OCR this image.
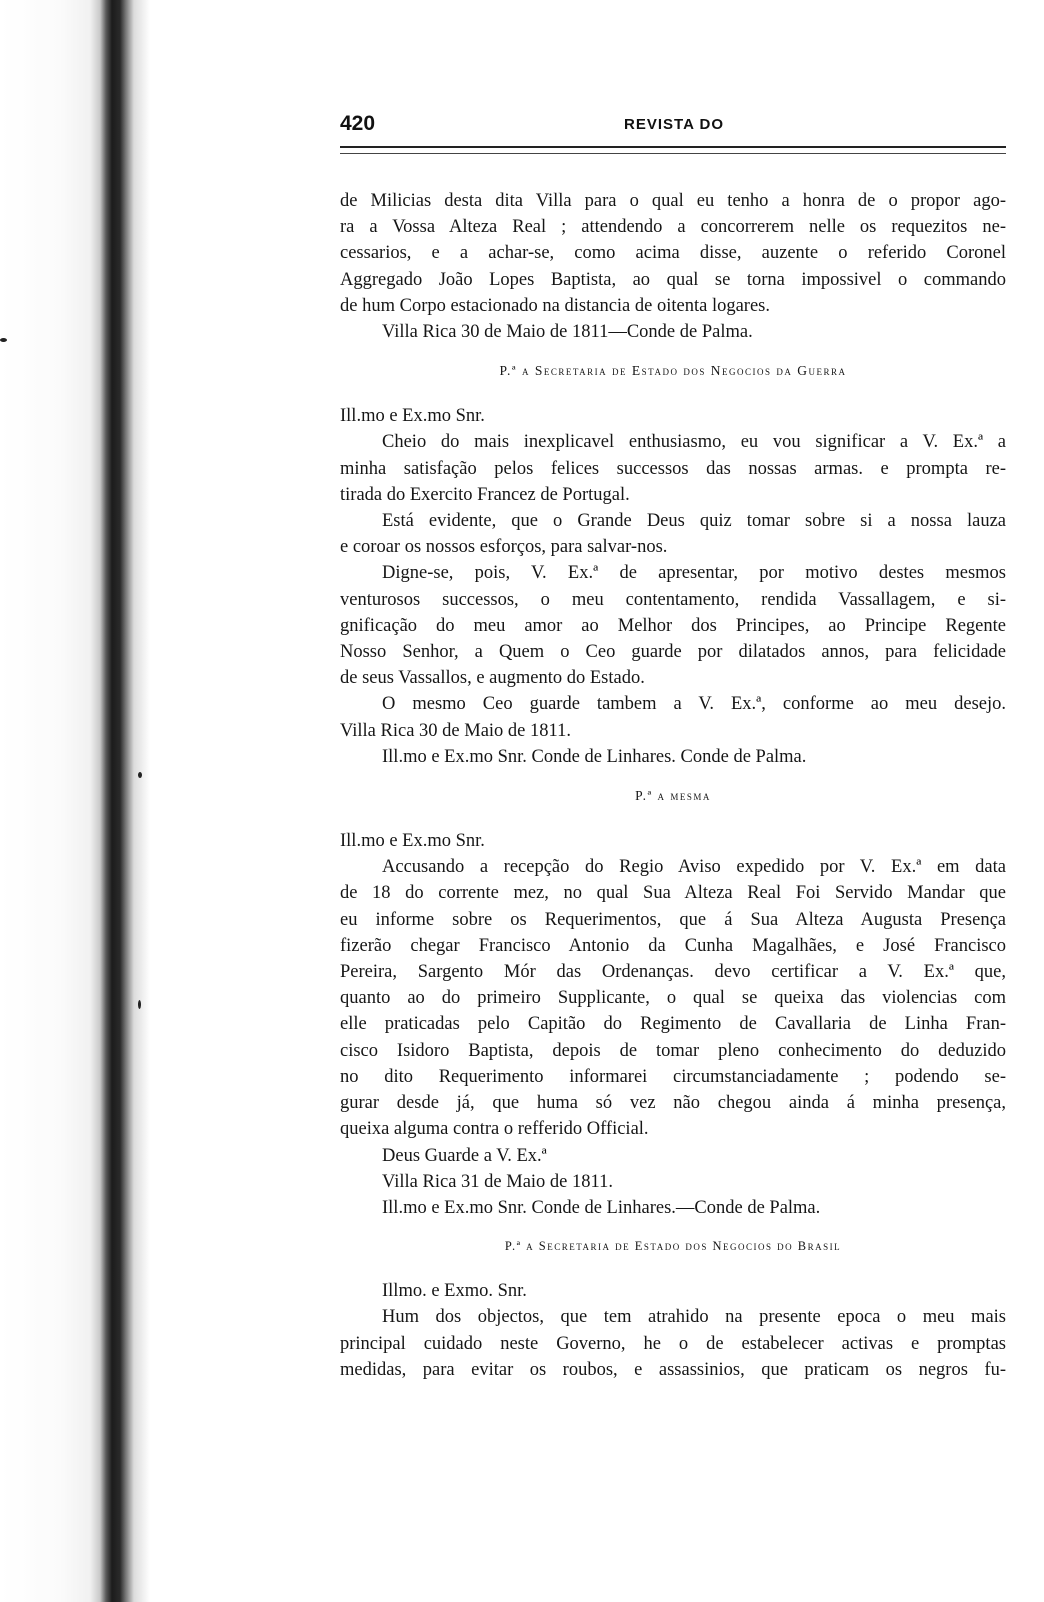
420	REVISTA DO

de Milicias desta dita Villa para o qual eu tenho a honra de o propor ago-

ra a Vossa Alteza Real ; attendendo a concorrerem nelle os requezitos ne-

cessarios, e a achar-se, como acima disse, auzente o referido Coronel

Aggregado João Lopes Baptista, ao qual se torna impossivel o commando

de hum Corpo estacionado na distancia de oitenta logares.

Villa Rica 30 de Maio de 1811—Conde de Palma.

P.ª a Secretaria de Estado dos Negocios da Guerra

Ill.mo e Ex.mo Snr.

Cheio do mais inexplicavel enthusiasmo, eu vou significar a V. Ex.ª a

minha satisfação pelos felices successos das nossas armas. e prompta re-

tirada do Exercito Francez de Portugal.

Está evidente, que o Grande Deus quiz tomar sobre si a nossa lauza

e coroar os nossos esforços, para salvar-nos.

Digne-se, pois, V. Ex.ª de apresentar, por motivo destes mesmos

venturosos successos, o meu contentamento, rendida Vassallagem, e si-

gnificação do meu amor ao Melhor dos Principes, ao Principe Regente

Nosso Senhor, a Quem o Ceo guarde por dilatados annos, para felicidade

de seus Vassallos, e augmento do Estado.

O mesmo Ceo guarde tambem a V. Ex.ª, conforme ao meu desejo.

Villa Rica 30 de Maio de 1811.

Ill.mo e Ex.mo Snr. Conde de Linhares. Conde de Palma.

P.ª a mesma

Ill.mo e Ex.mo Snr.

Accusando a recepção do Regio Aviso expedido por V. Ex.ª em data

de 18 do corrente mez, no qual Sua Alteza Real Foi Servido Mandar que

eu informe sobre os Requerimentos, que á Sua Alteza Augusta Presença

fizerão chegar Francisco Antonio da Cunha Magalhães, e José Francisco

Pereira, Sargento Mór das Ordenanças. devo certificar a V. Ex.ª que,

quanto ao do primeiro Supplicante, o qual se queixa das violencias com

elle praticadas pelo Capitão do Regimento de Cavallaria de Linha Fran-

cisco Isidoro Baptista, depois de tomar pleno conhecimento do deduzido

no dito Requerimento informarei circumstanciadamente ; podendo se-

gurar desde já, que huma só vez não chegou ainda á minha presença,

queixa alguma contra o refferido Official.

Deus Guarde a V. Ex.ª

Villa Rica 31 de Maio de 1811.

Ill.mo e Ex.mo Snr. Conde de Linhares.—Conde de Palma.

P.ª a Secretaria de Estado dos Negocios do Brasil

Illmo. e Exmo. Snr.

Hum dos objectos, que tem atrahido na presente epoca o meu mais

principal cuidado neste Governo, he o de estabelecer activas e promptas

medidas, para evitar os roubos, e assassinios, que praticam os negros fu-
